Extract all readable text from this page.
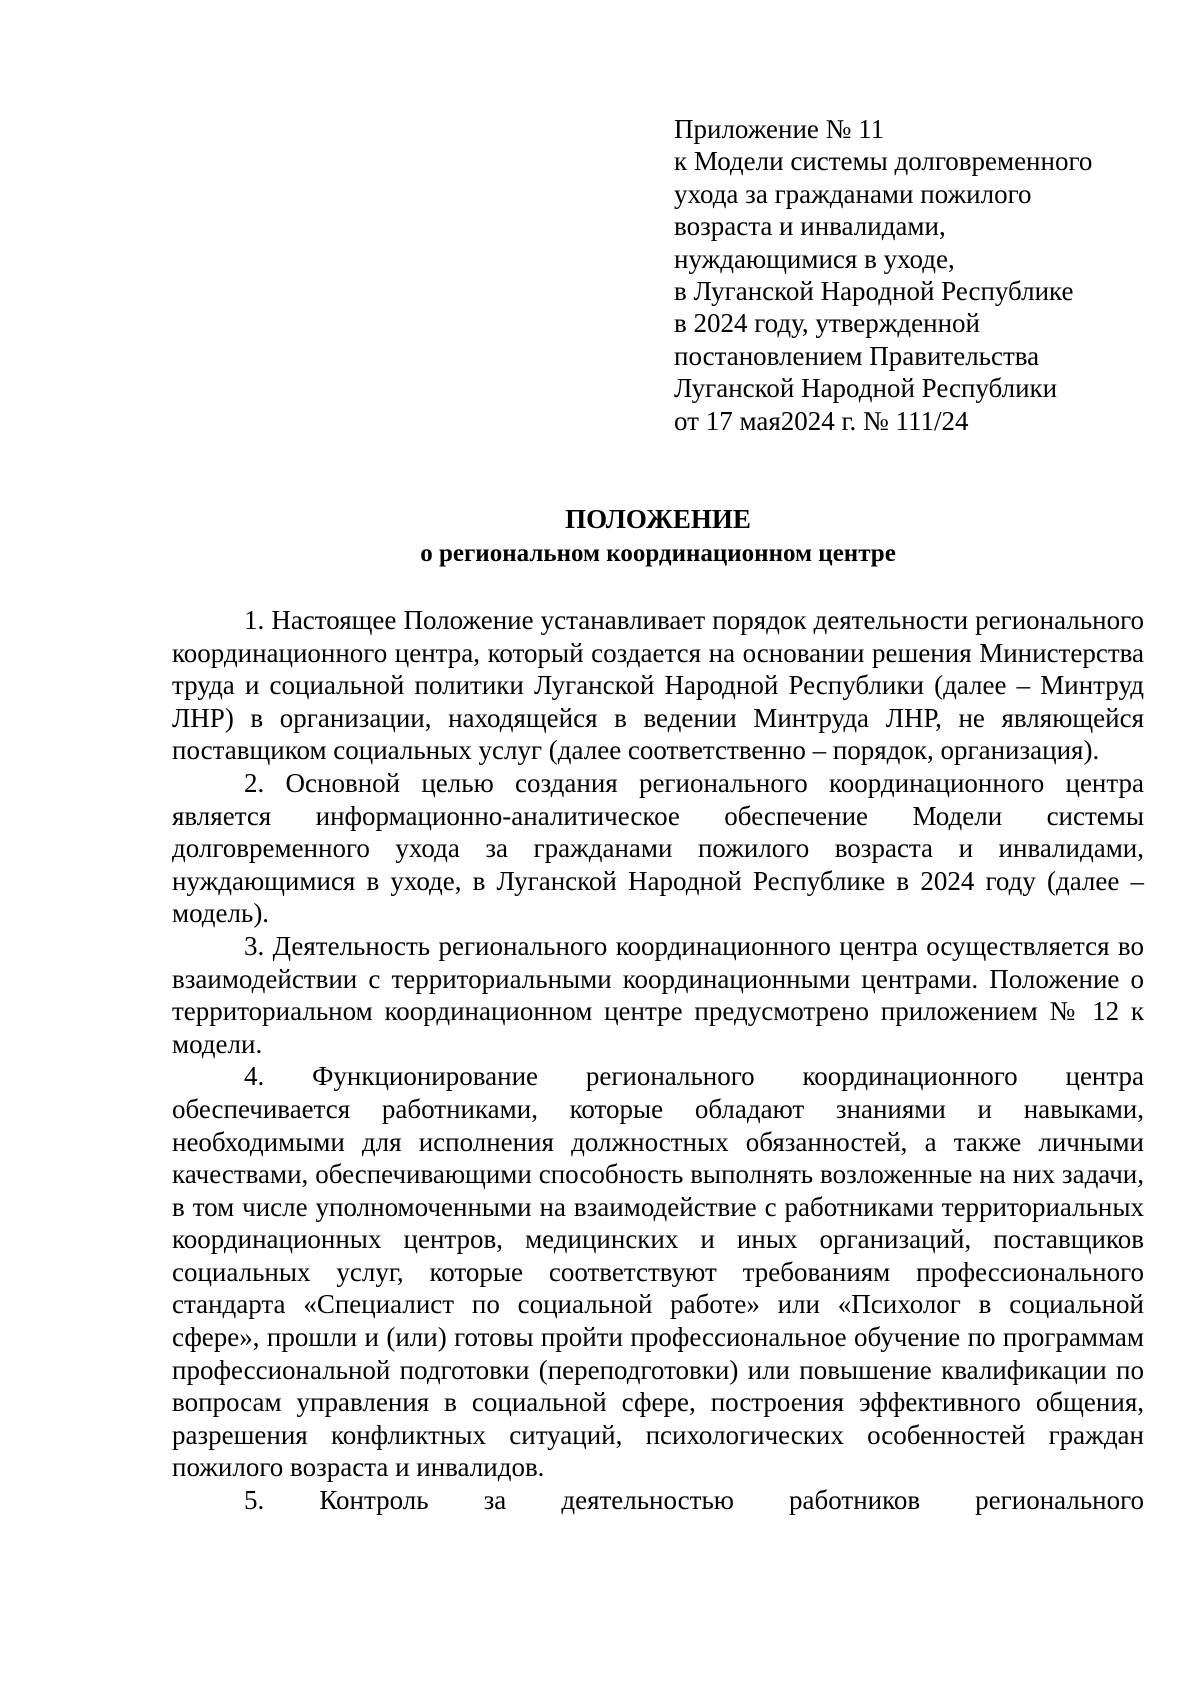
Приложение № 11
к Модели системы долговременного
ухода за гражданами пожилого
возраста и инвалидами,
нуждающимися в уходе,
в Луганской Народной Республике
в 2024 году, утвержденной
постановлением Правительства
Луганской Народной Республики
от 17 мая2024 г. № 111/24
ПОЛОЖЕНИЕ
о региональном координационном центре

1. Настоящее Положение устанавливает порядок деятельности регионального координационного центра, который создается на основании решения Министерства труда и социальной политики Луганской Народной Республики (далее – Минтруд ЛНР) в организации, находящейся в ведении Минтруда ЛНР, не являющейся поставщиком социальных услуг (далее соответственно – порядок, организация).

2. Основной целью создания регионального координационного центра является информационно-аналитическое обеспечение Модели системы долговременного ухода за гражданами пожилого возраста и инвалидами, нуждающимися в уходе, в Луганской Народной Республике в 2024 году (далее – модель).

3. Деятельность регионального координационного центра осуществляется во взаимодействии с территориальными координационными центрами. Положение о территориальном координационном центре предусмотрено приложением № 12 к модели.

4. Функционирование регионального координационного центра обеспечивается работниками, которые обладают знаниями и навыками, необходимыми для исполнения должностных обязанностей, а также личными качествами, обеспечивающими способность выполнять возложенные на них задачи, в том числе уполномоченными на взаимодействие с работниками территориальных координационных центров, медицинских и иных организаций, поставщиков социальных услуг, которые соответствуют требованиям профессионального стандарта «Специалист по социальной работе» или «Психолог в социальной сфере», прошли и (или) готовы пройти профессиональное обучение по программам профессиональной подготовки (переподготовки) или повышение квалификации по вопросам управления в социальной сфере, построения эффективного общения, разрешения конфликтных ситуаций, психологических особенностей граждан пожилого возраста и инвалидов.

5. Контроль за деятельностью работников регионального
